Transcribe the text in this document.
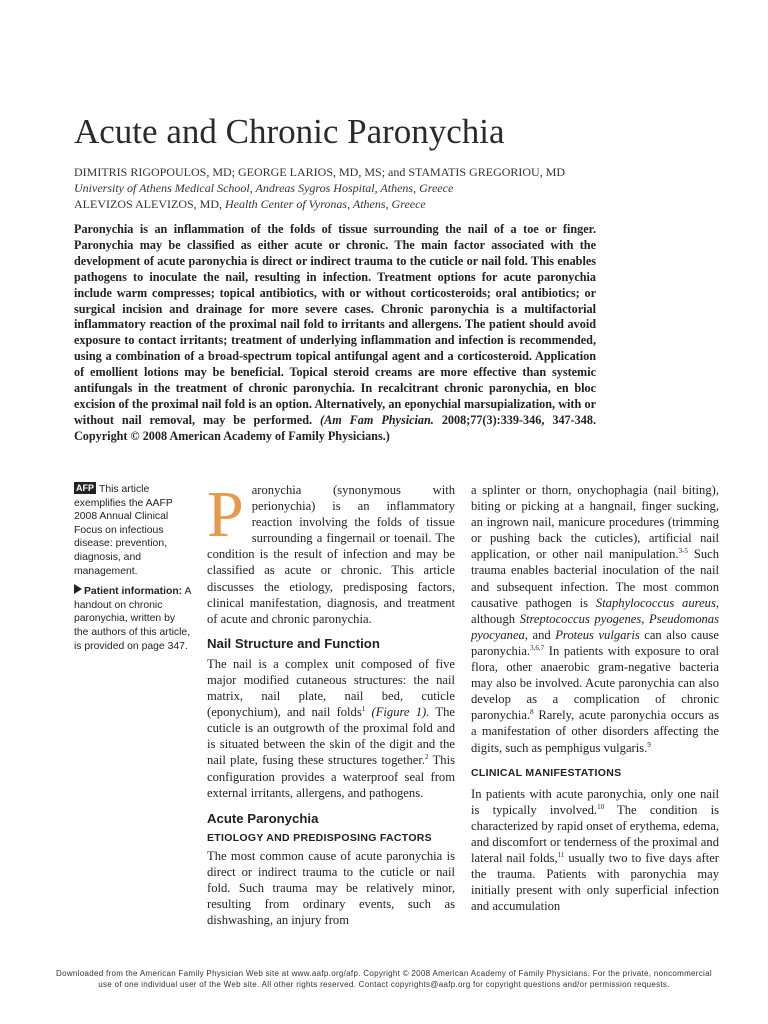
Acute and Chronic Paronychia
DIMITRIS RIGOPOULOS, MD; GEORGE LARIOS, MD, MS; and STAMATIS GREGORIOU, MD
University of Athens Medical School, Andreas Sygros Hospital, Athens, Greece
ALEVIZOS ALEVIZOS, MD, Health Center of Vyronas, Athens, Greece
Paronychia is an inflammation of the folds of tissue surrounding the nail of a toe or finger. Paronychia may be classified as either acute or chronic. The main factor associated with the development of acute paronychia is direct or indirect trauma to the cuticle or nail fold. This enables pathogens to inoculate the nail, resulting in infection. Treatment options for acute paronychia include warm compresses; topical antibiotics, with or without corticosteroids; oral antibiotics; or surgical incision and drainage for more severe cases. Chronic paronychia is a multifactorial inflammatory reaction of the proximal nail fold to irritants and allergens. The patient should avoid exposure to contact irritants; treatment of underlying inflammation and infection is recommended, using a combination of a broad-spectrum topical antifungal agent and a corticosteroid. Application of emollient lotions may be beneficial. Topical steroid creams are more effective than systemic antifungals in the treatment of chronic paronychia. In recalcitrant chronic paronychia, en bloc excision of the proximal nail fold is an option. Alternatively, an eponychial marsupialization, with or without nail removal, may be performed. (Am Fam Physician. 2008;77(3):339-346, 347-348. Copyright © 2008 American Academy of Family Physicians.)
AFP This article exemplifies the AAFP 2008 Annual Clinical Focus on infectious disease: prevention, diagnosis, and management.
Patient information: A handout on chronic paronychia, written by the authors of this article, is provided on page 347.

Paronychia (synonymous with perionychia) is an inflammatory reaction involving the folds of tissue surrounding a fingernail or toenail. The condition is the result of infection and may be classified as acute or chronic. This article discusses the etiology, predisposing factors, clinical manifestation, diagnosis, and treatment of acute and chronic paronychia.

Nail Structure and Function

The nail is a complex unit composed of five major modified cutaneous structures: the nail matrix, nail plate, nail bed, cuticle (eponychium), and nail folds$^1$ (Figure 1). The cuticle is an outgrowth of the proximal fold and is situated between the skin of the digit and the nail plate, fusing these structures together.$^2$ This configuration provides a waterproof seal from external irritants, allergens, and pathogens.

Acute Paronychia
ETIOLOGY AND PREDISPOSING FACTORS

The most common cause of acute paronychia is direct or indirect trauma to the cuticle or nail fold. Such trauma may be relatively minor, resulting from ordinary events, such as dishwashing, an injury from

a splinter or thorn, onychophagia (nail biting), biting or picking at a hangnail, finger sucking, an ingrown nail, manicure procedures (trimming or pushing back the cuticles), artificial nail application, or other nail manipulation.$^{3-5}$ Such trauma enables bacterial inoculation of the nail and subsequent infection. The most common causative pathogen is Staphylococcus aureus, although Streptococcus pyogenes, Pseudomonas pyocyanea, and Proteus vulgaris can also cause paronychia.$^{3,6,7}$ In patients with exposure to oral flora, other anaerobic gram-negative bacteria may also be involved. Acute paronychia can also develop as a complication of chronic paronychia.$^8$ Rarely, acute paronychia occurs as a manifestation of other disorders affecting the digits, such as pemphigus vulgaris.$^9$

CLINICAL MANIFESTATIONS

In patients with acute paronychia, only one nail is typically involved.$^{10}$ The condition is characterized by rapid onset of erythema, edema, and discomfort or tenderness of the proximal and lateral nail folds,$^{11}$ usually two to five days after the trauma. Patients with paronychia may initially present with only superficial infection and accumulation

Downloaded from the American Family Physician Web site at www.aafp.org/afp. Copyright © 2008 American Academy of Family Physicians. For the private, noncommercial
use of one individual user of the Web site. All other rights reserved. Contact copyrights@aafp.org for copyright questions and/or permission requests.
